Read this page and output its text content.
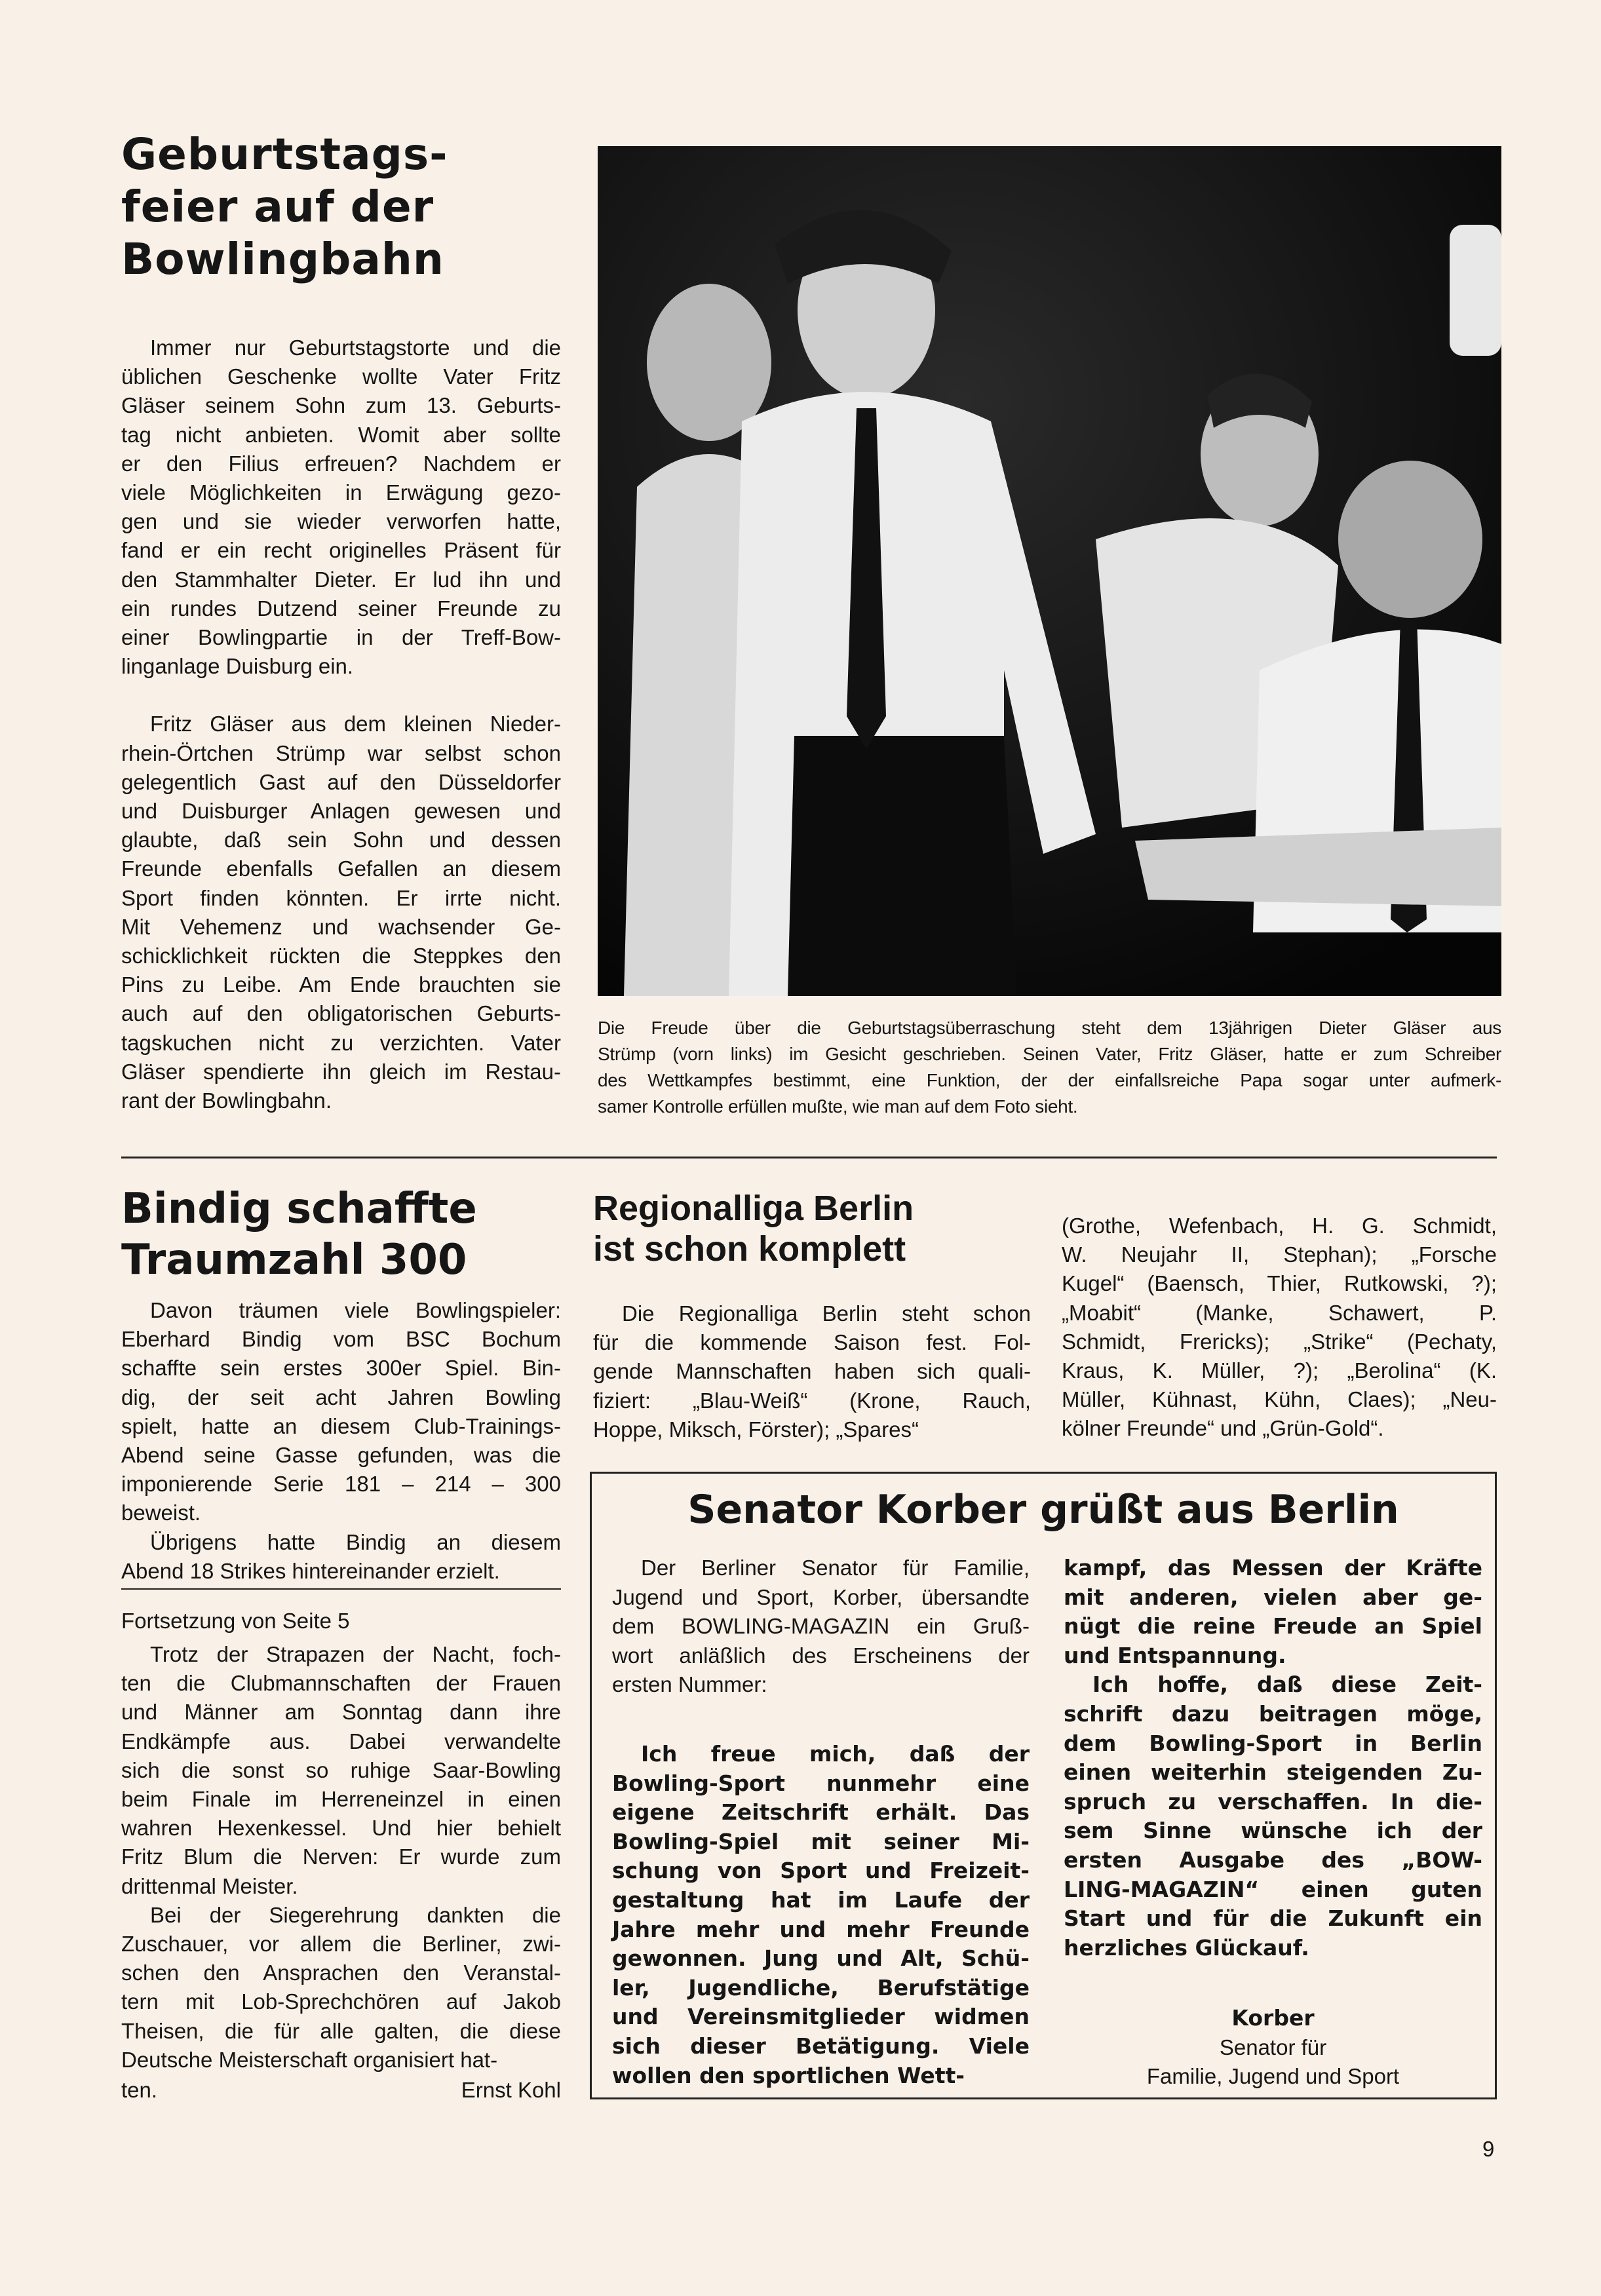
Geburtstags-
feier auf der
Bowlingbahn
Immer nur Geburtstagstorte und die
üblichen Geschenke wollte Vater Fritz
Gläser seinem Sohn zum 13. Geburts-
tag nicht anbieten. Womit aber sollte
er den Filius erfreuen? Nachdem er
viele Möglichkeiten in Erwägung gezo-
gen und sie wieder verworfen hatte,
fand er ein recht originelles Präsent für
den Stammhalter Dieter. Er lud ihn und
ein rundes Dutzend seiner Freunde zu
einer Bowlingpartie in der Treff-Bow-
linganlage Duisburg ein.
Fritz Gläser aus dem kleinen Nieder-
rhein-Örtchen Strümp war selbst schon
gelegentlich Gast auf den Düsseldorfer
und Duisburger Anlagen gewesen und
glaubte, daß sein Sohn und dessen
Freunde ebenfalls Gefallen an diesem
Sport finden könnten. Er irrte nicht.
Mit Vehemenz und wachsender Ge-
schicklichkeit rückten die Steppkes den
Pins zu Leibe. Am Ende brauchten sie
auch auf den obligatorischen Geburts-
tagskuchen nicht zu verzichten. Vater
Gläser spendierte ihn gleich im Restau-
rant der Bowlingbahn.
Die Freude über die Geburtstagsüberraschung steht dem 13jährigen Dieter Gläser aus
Strümp (vorn links) im Gesicht geschrieben. Seinen Vater, Fritz Gläser, hatte er zum Schreiber
des Wettkampfes bestimmt, eine Funktion, der der einfallsreiche Papa sogar unter aufmerk-
samer Kontrolle erfüllen mußte, wie man auf dem Foto sieht.
Bindig schaffte
Traumzahl 300
Davon träumen viele Bowlingspieler:
Eberhard Bindig vom BSC Bochum
schaffte sein erstes 300er Spiel. Bin-
dig, der seit acht Jahren Bowling
spielt, hatte an diesem Club-Trainings-
Abend seine Gasse gefunden, was die
imponierende Serie 181 – 214 – 300
beweist.
Übrigens hatte Bindig an diesem
Abend 18 Strikes hintereinander erzielt.
Fortsetzung von Seite 5
Trotz der Strapazen der Nacht, foch-
ten die Clubmannschaften der Frauen
und Männer am Sonntag dann ihre
Endkämpfe aus. Dabei verwandelte
sich die sonst so ruhige Saar-Bowling
beim Finale im Herreneinzel in einen
wahren Hexenkessel. Und hier behielt
Fritz Blum die Nerven: Er wurde zum
drittenmal Meister.
Bei der Siegerehrung dankten die
Zuschauer, vor allem die Berliner, zwi-
schen den Ansprachen den Veranstal-
tern mit Lob-Sprechchören auf Jakob
Theisen, die für alle galten, die diese
Deutsche Meisterschaft organisiert hat-
ten.	Ernst Kohl
Regionalliga Berlin
ist schon komplett
Die Regionalliga Berlin steht schon
für die kommende Saison fest. Fol-
gende Mannschaften haben sich quali-
fiziert: „Blau-Weiß“ (Krone, Rauch,
Hoppe, Miksch, Förster); „Spares“
(Grothe, Wefenbach, H. G. Schmidt,
W. Neujahr II, Stephan); „Forsche
Kugel“ (Baensch, Thier, Rutkowski, ?);
„Moabit“ (Manke, Schawert, P.
Schmidt, Frericks); „Strike“ (Pechaty,
Kraus, K. Müller, ?); „Berolina“ (K.
Müller, Kühnast, Kühn, Claes); „Neu-
kölner Freunde“ und „Grün-Gold“.
Senator Korber grüßt aus Berlin
Der Berliner Senator für Familie,
Jugend und Sport, Korber, übersandte
dem BOWLING-MAGAZIN ein Gruß-
wort anläßlich des Erscheinens der
ersten Nummer:
Ich freue mich, daß der
Bowling-Sport nunmehr eine
eigene Zeitschrift erhält. Das
Bowling-Spiel mit seiner Mi-
schung von Sport und Freizeit-
gestaltung hat im Laufe der
Jahre mehr und mehr Freunde
gewonnen. Jung und Alt, Schü-
ler, Jugendliche, Berufstätige
und Vereinsmitglieder widmen
sich dieser Betätigung. Viele
wollen den sportlichen Wett-
kampf, das Messen der Kräfte
mit anderen, vielen aber ge-
nügt die reine Freude an Spiel
und Entspannung.
Ich hoffe, daß diese Zeit-
schrift dazu beitragen möge,
dem Bowling-Sport in Berlin
einen weiterhin steigenden Zu-
spruch zu verschaffen. In die-
sem Sinne wünsche ich der
ersten Ausgabe des „BOW-
LING-MAGAZIN“ einen guten
Start und für die Zukunft ein
herzliches Glückauf.
Korber
Senator für
Familie, Jugend und Sport
9
